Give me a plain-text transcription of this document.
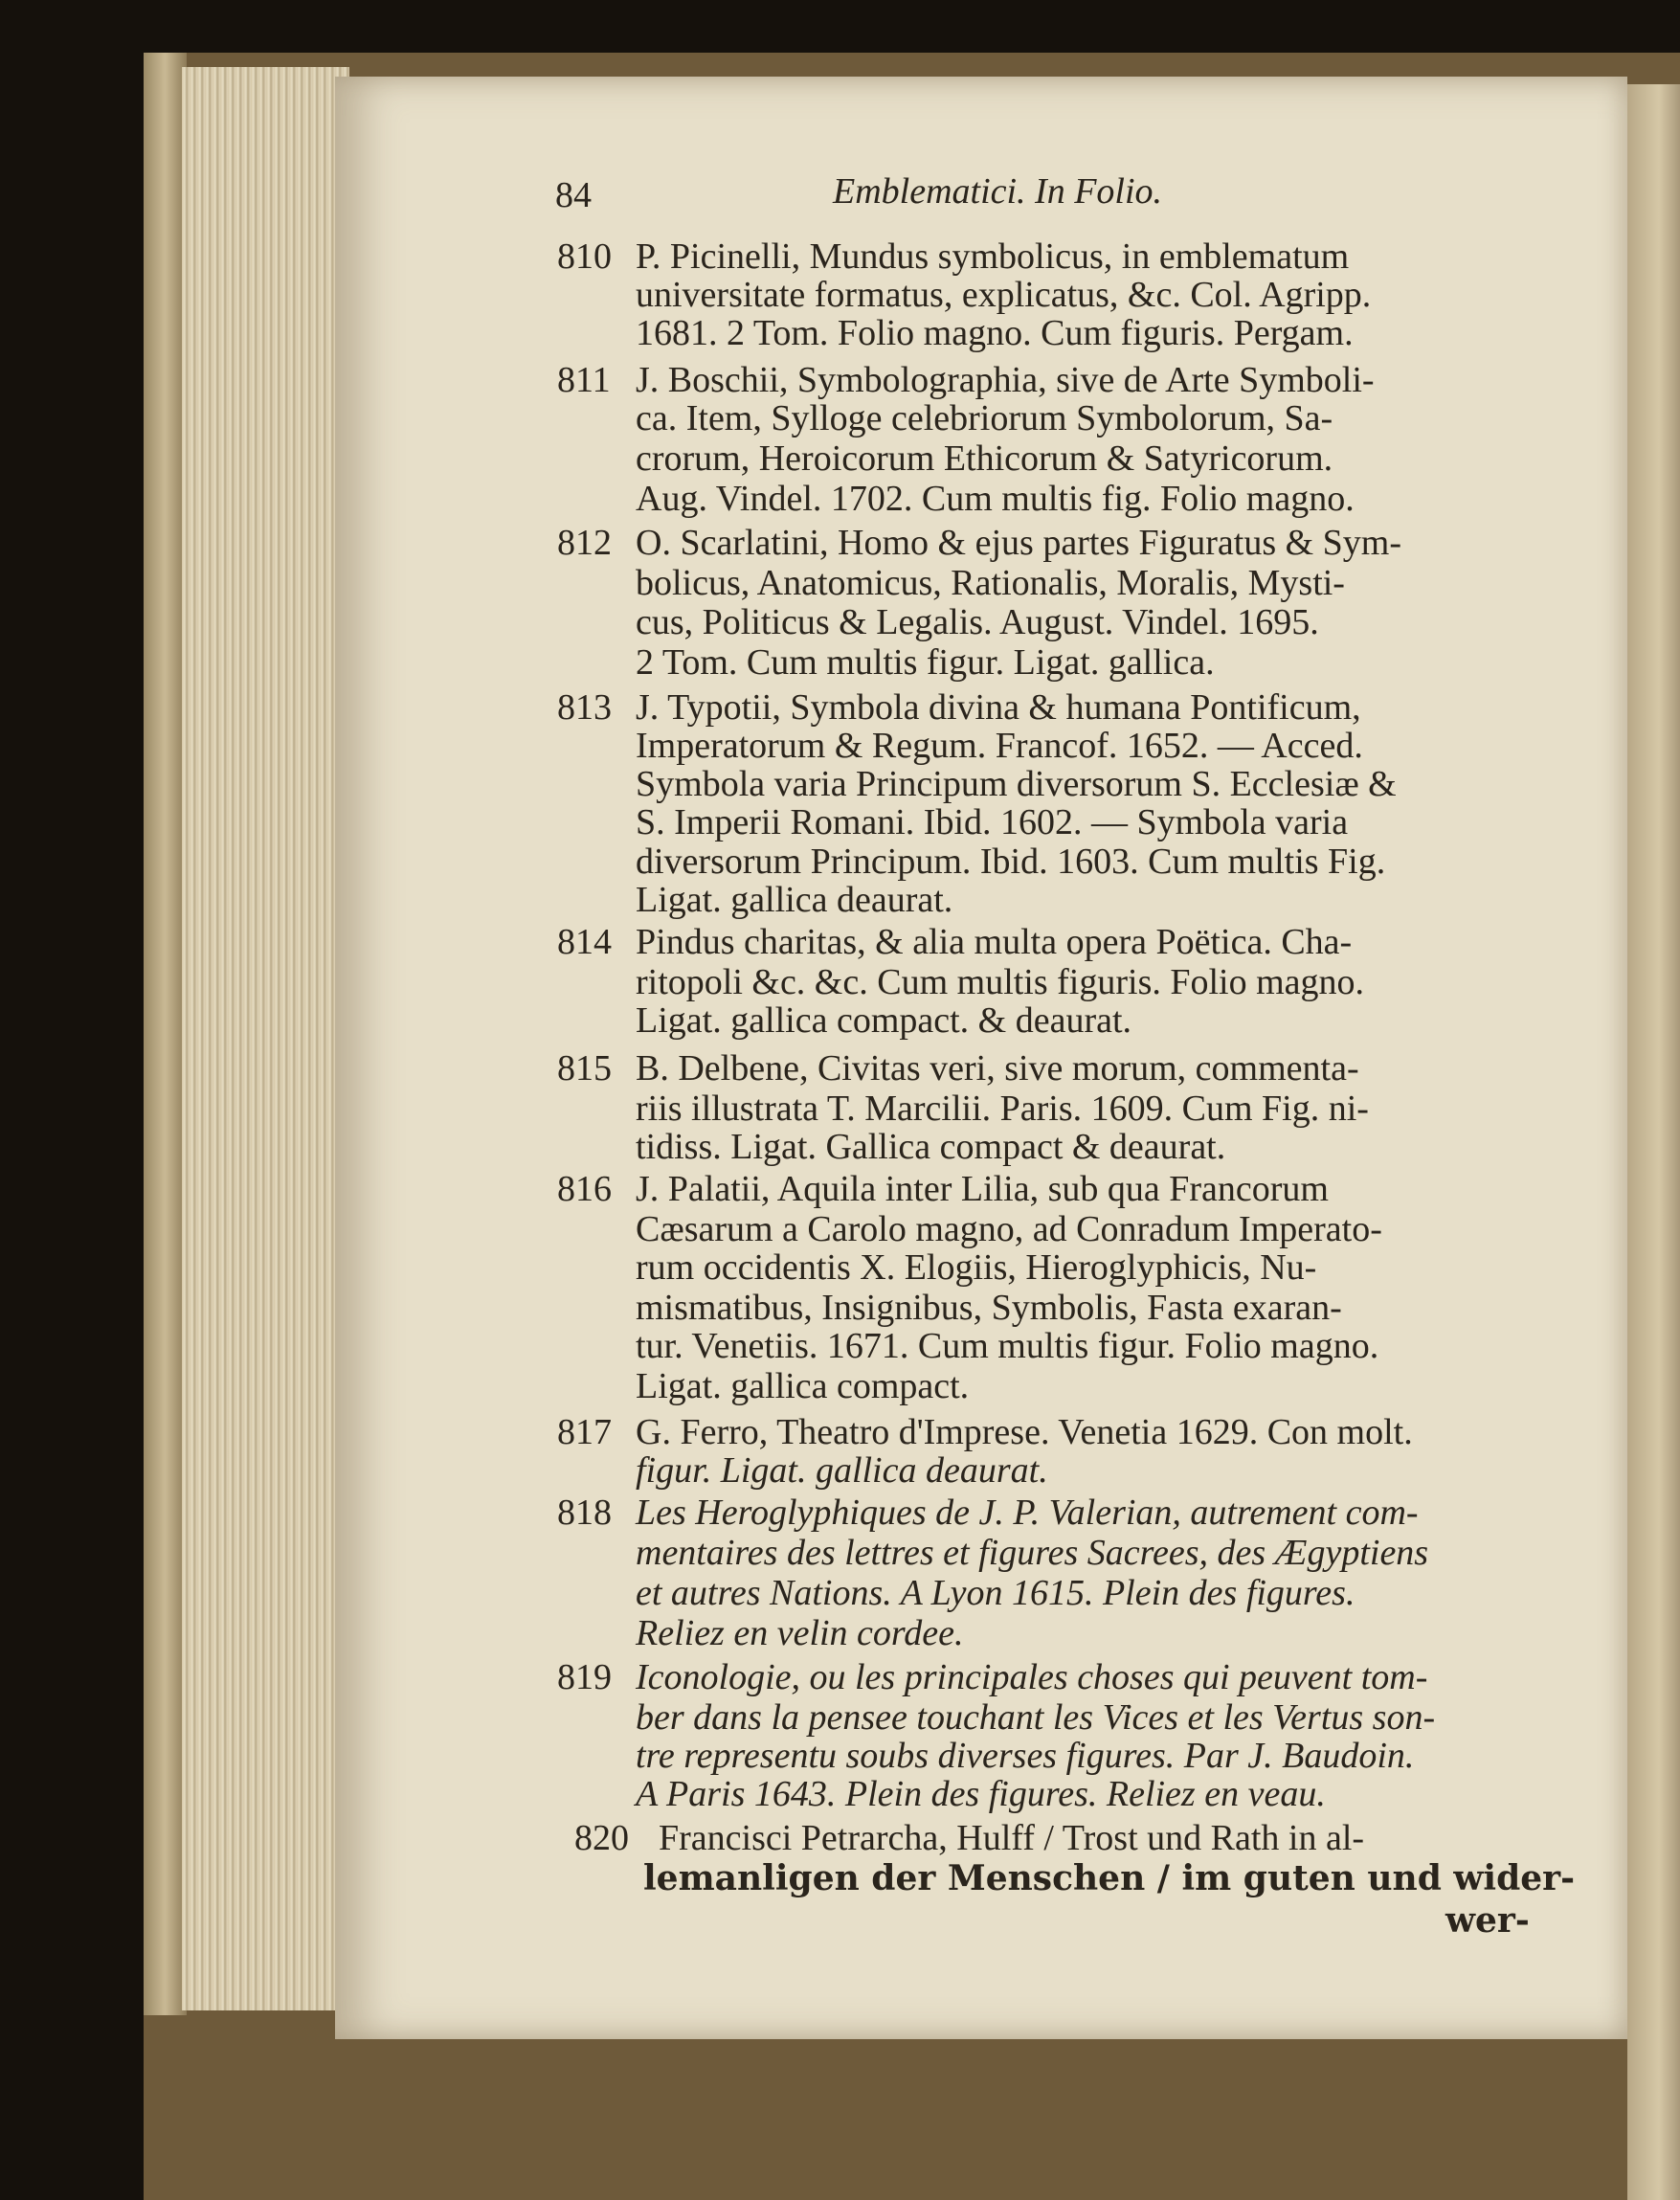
84	Emblematici. In Folio.
810 P. Picinelli, Mundus symbolicus, in emblematum
universitate formatus, explicatus, &c. Col. Agripp.
1681. 2 Tom. Folio magno. Cum figuris. Pergam.
811 J. Boschii, Symbolographia, sive de Arte Symboli-
ca. Item, Sylloge celebriorum Symbolorum, Sa-
crorum, Heroicorum Ethicorum & Satyricorum.
Aug. Vindel. 1702. Cum multis fig. Folio magno.
812 O. Scarlatini, Homo & ejus partes Figuratus & Sym-
bolicus, Anatomicus, Rationalis, Moralis, Mysti-
cus, Politicus & Legalis. August. Vindel. 1695.
2 Tom. Cum multis figur. Ligat. gallica.
813 J. Typotii, Symbola divina & humana Pontificum,
Imperatorum & Regum. Francof. 1652. — Acced.
Symbola varia Principum diversorum S. Ecclesiæ &
S. Imperii Romani. Ibid. 1602. — Symbola varia
diversorum Principum. Ibid. 1603. Cum multis Fig.
Ligat. gallica deaurat.
814 Pindus charitas, & alia multa opera Poëtica. Cha-
ritopoli &c. &c. Cum multis figuris. Folio magno.
Ligat. gallica compact. & deaurat.
815 B. Delbene, Civitas veri, sive morum, commenta-
riis illustrata T. Marcilii. Paris. 1609. Cum Fig. ni-
tidiss. Ligat. Gallica compact & deaurat.
816 J. Palatii, Aquila inter Lilia, sub qua Francorum
Cæsarum a Carolo magno, ad Conradum Imperato-
rum occidentis X. Elogiis, Hieroglyphicis, Nu-
mismatibus, Insignibus, Symbolis, Fasta exaran-
tur. Venetiis. 1671. Cum multis figur. Folio magno.
Ligat. gallica compact.
817 G. Ferro, Theatro d'Imprese. Venetia 1629. Con molt.
figur. Ligat. gallica deaurat.
818 Les Heroglyphiques de J. P. Valerian, autrement com-
mentaires des lettres et figures Sacrees, des Ægyptiens
et autres Nations. A Lyon 1615. Plein des figures.
Reliez en velin cordee.
819 Iconologie, ou les principales choses qui peuvent tom-
ber dans la pensee touchant les Vices et les Vertus son-
tre representu soubs diverses figures. Par J. Baudoin.
A Paris 1643. Plein des figures. Reliez en veau.
820 Francisci Petrarcha, Hulff / Trost und Rath in al-
lemanligen der Menschen / im guten und wider-
wer-
